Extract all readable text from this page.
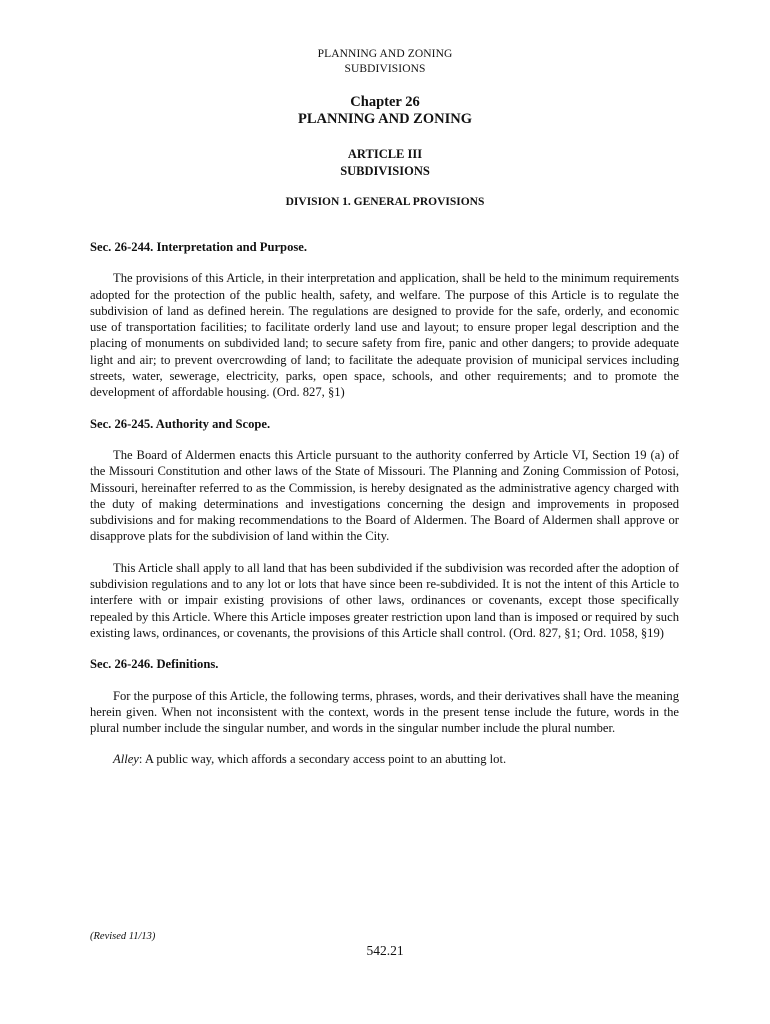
PLANNING AND ZONING
SUBDIVISIONS
Chapter 26
PLANNING AND ZONING
ARTICLE III
SUBDIVISIONS
DIVISION 1. GENERAL PROVISIONS
Sec. 26-244. Interpretation and Purpose.

The provisions of this Article, in their interpretation and application, shall be held to the minimum requirements adopted for the protection of the public health, safety, and welfare. The purpose of this Article is to regulate the subdivision of land as defined herein. The regulations are designed to provide for the safe, orderly, and economic use of transportation facilities; to facilitate orderly land use and layout; to ensure proper legal description and the placing of monuments on subdivided land; to secure safety from fire, panic and other dangers; to provide adequate light and air; to prevent overcrowding of land; to facilitate the adequate provision of municipal services including streets, water, sewerage, electricity, parks, open space, schools, and other requirements; and to promote the development of affordable housing. (Ord. 827, §1)

Sec. 26-245. Authority and Scope.

The Board of Aldermen enacts this Article pursuant to the authority conferred by Article VI, Section 19 (a) of the Missouri Constitution and other laws of the State of Missouri. The Planning and Zoning Commission of Potosi, Missouri, hereinafter referred to as the Commission, is hereby designated as the administrative agency charged with the duty of making determinations and investigations concerning the design and improvements in proposed subdivisions and for making recommendations to the Board of Aldermen. The Board of Aldermen shall approve or disapprove plats for the subdivision of land within the City.

This Article shall apply to all land that has been subdivided if the subdivision was recorded after the adoption of subdivision regulations and to any lot or lots that have since been re-subdivided. It is not the intent of this Article to interfere with or impair existing provisions of other laws, ordinances or covenants, except those specifically repealed by this Article. Where this Article imposes greater restriction upon land than is imposed or required by such existing laws, ordinances, or covenants, the provisions of this Article shall control. (Ord. 827, §1; Ord. 1058, §19)

Sec. 26-246. Definitions.

For the purpose of this Article, the following terms, phrases, words, and their derivatives shall have the meaning herein given. When not inconsistent with the context, words in the present tense include the future, words in the plural number include the singular number, and words in the singular number include the plural number.

Alley: A public way, which affords a secondary access point to an abutting lot.

(Revised 11/13)
542.21
